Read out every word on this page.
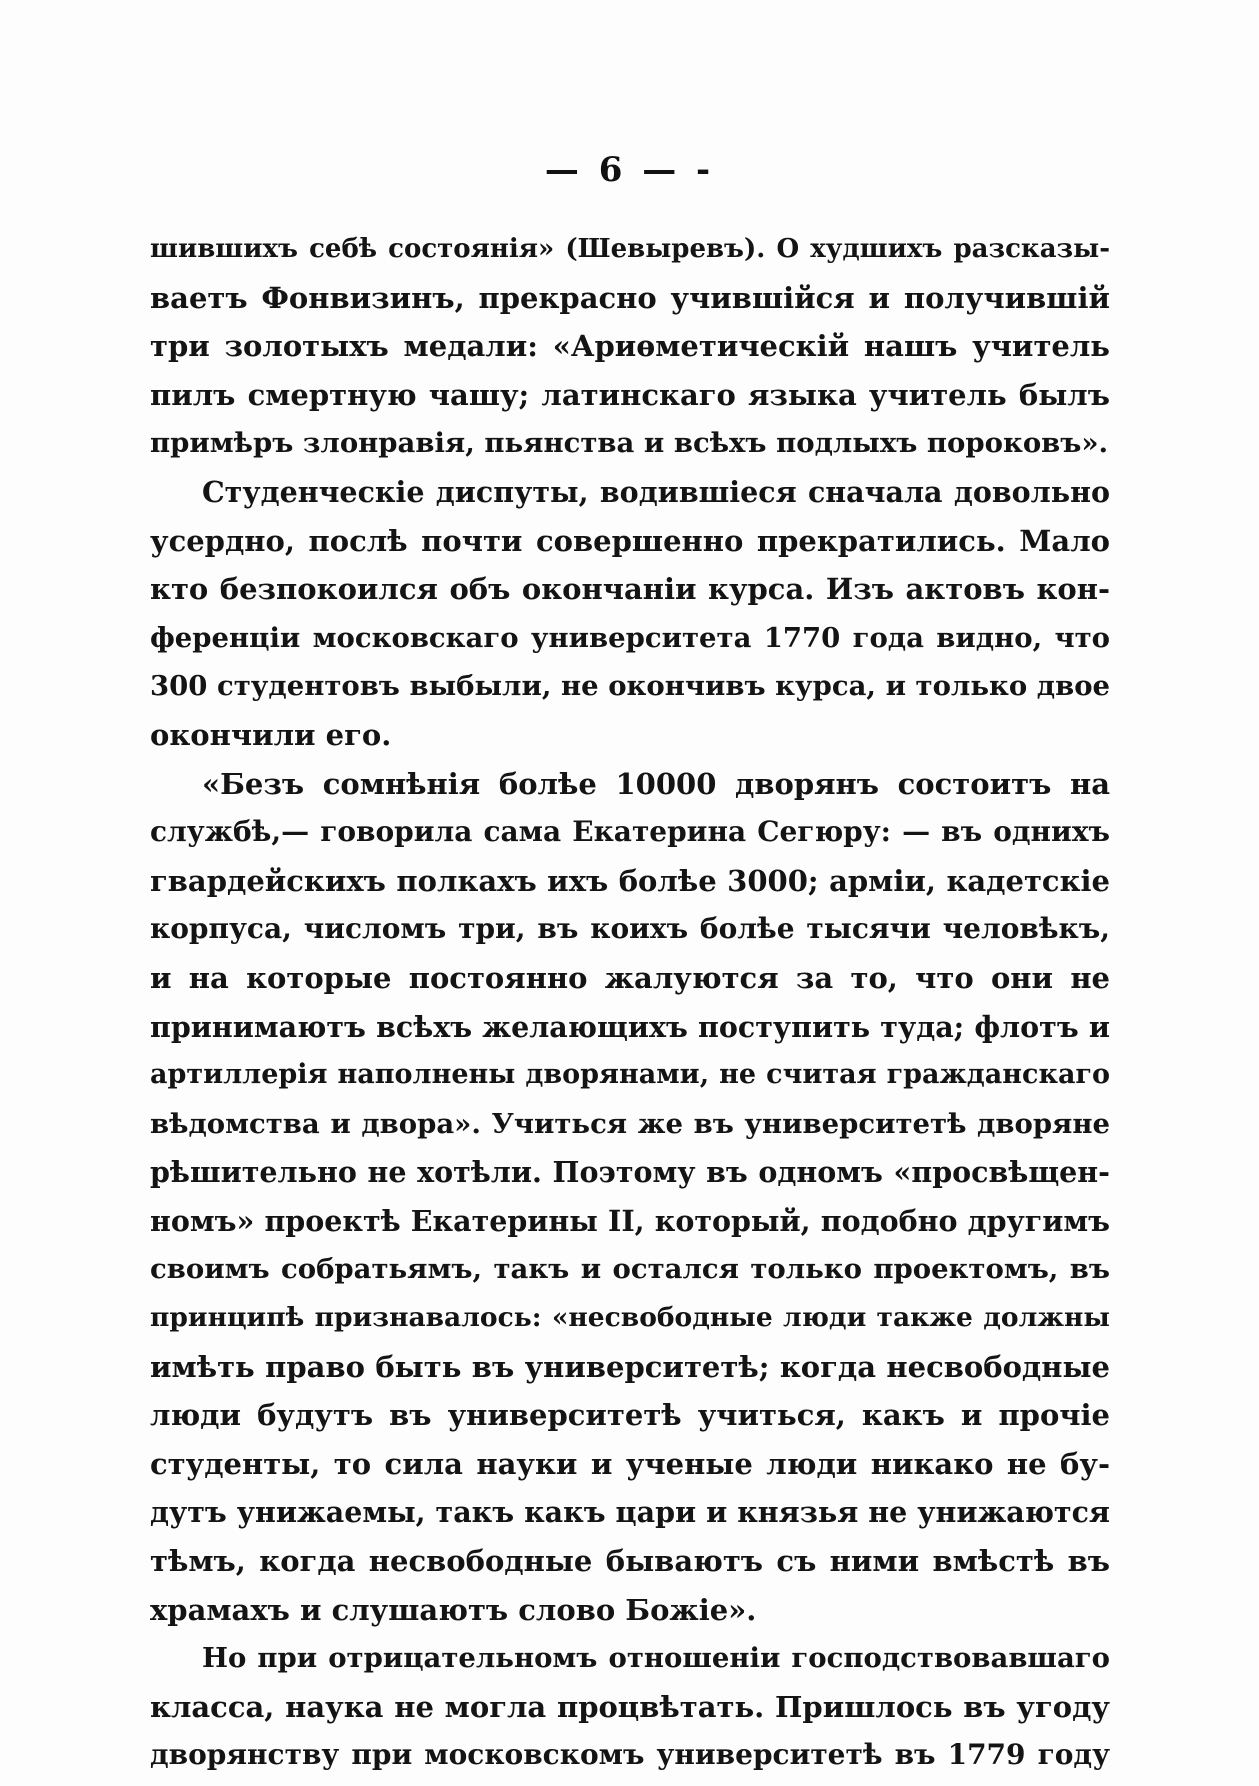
— 6 — -
шившихъ себѣ состоянія» (Шевыревъ). О худшихъ разсказы-
ваетъ Фонвизинъ, прекрасно учившійся и получившій
три золотыхъ медали: «Ариѳметическій нашъ учитель
пилъ смертную чашу; латинскаго языка учитель былъ
примѣръ злонравія, пьянства и всѣхъ подлыхъ пороковъ».
Студенческіе диспуты, водившіеся сначала довольно
усердно, послѣ почти совершенно прекратились. Мало
кто безпокоился объ окончаніи курса. Изъ актовъ кон-
ференціи московскаго университета 1770 года видно, что
300 студентовъ выбыли, не окончивъ курса, и только двое
окончили его.
«Безъ сомнѣнія болѣе 10000 дворянъ состоитъ на
службѣ,— говорила сама Екатерина Сегюру: — въ однихъ
гвардейскихъ полкахъ ихъ болѣе 3000; арміи, кадетскіе
корпуса, числомъ три, въ коихъ болѣе тысячи человѣкъ,
и на которые постоянно жалуются за то, что они не
принимаютъ всѣхъ желающихъ поступить туда; флотъ и
артиллерія наполнены дворянами, не считая гражданскаго
вѣдомства и двора». Учиться же въ университетѣ дворяне
рѣшительно не хотѣли. Поэтому въ одномъ «просвѣщен-
номъ» проектѣ Екатерины II, который, подобно другимъ
своимъ собратьямъ, такъ и остался только проектомъ, въ
принципѣ признавалось: «несвободные люди также должны
имѣть право быть въ университетѣ; когда несвободные
люди будутъ въ университетѣ учиться, какъ и прочіе
студенты, то сила науки и ученые люди никако не бу-
дутъ унижаемы, такъ какъ цари и князья не унижаются
тѣмъ, когда несвободные бываютъ съ ними вмѣстѣ въ
храмахъ и слушаютъ слово Божіе».
Но при отрицательномъ отношеніи господствовавшаго
класса, наука не могла процвѣтать. Пришлось въ угоду
дворянству при московскомъ университетѣ въ 1779 году
